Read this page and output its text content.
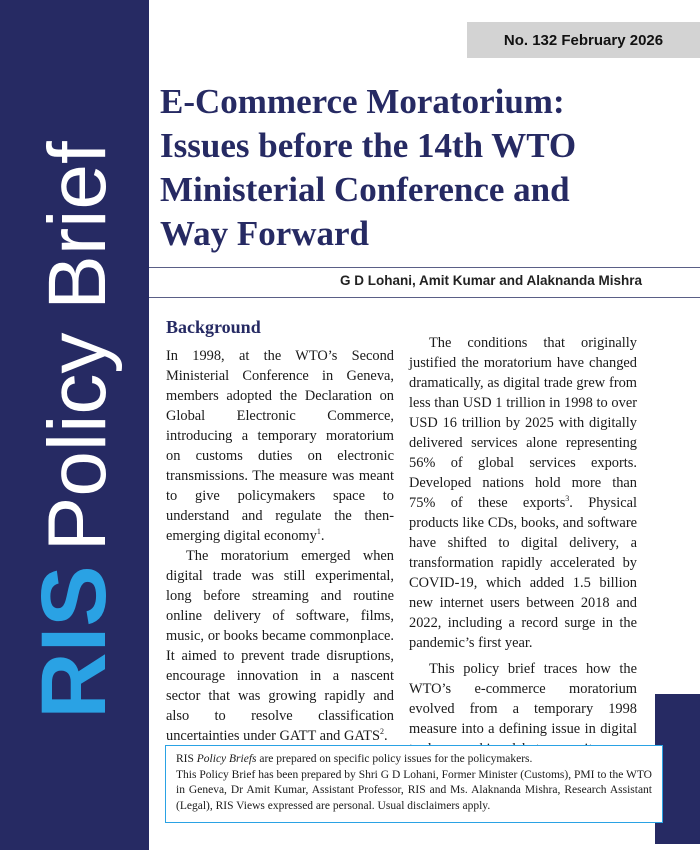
RISPolicy Brief
No. 132 February 2026
E-Commerce Moratorium:
Issues before the 14th WTO
Ministerial Conference and
Way Forward
G D Lohani, Amit Kumar and Alaknanda Mishra
Background

In 1998, at the WTO’s Second Ministerial Conference in Geneva, members adopted the Declaration on Global Electronic Commerce, introducing a temporary moratorium on customs duties on electronic transmissions. The measure was meant to give policymakers space to understand and regulate the then-emerging digital economy$^1$.

The moratorium emerged when digital trade was still experimental, long before streaming and routine online delivery of software, films, music, or books became commonplace. It aimed to prevent trade disruptions, encourage innovation in a nascent sector that was growing rapidly and also to resolve classification uncertainties under GATT and GATS$^2$.

The conditions that originally justified the moratorium have changed dramatically, as digital trade grew from less than USD 1 trillion in 1998 to over USD 16 trillion by 2025 with digitally delivered services alone representing 56% of global services exports. Developed nations hold more than 75% of these exports$^3$. Physical products like CDs, books, and software have shifted to digital delivery, a transformation rapidly accelerated by COVID-19, which added 1.5 billion new internet users between 2018 and 2022, including a record surge in the pandemic’s first year.

This policy brief traces how the WTO’s e-commerce moratorium evolved from a temporary 1998 measure into a defining issue in digital

RIS Policy Briefs are prepared on specific policy issues for the policymakers.

This Policy Brief has been prepared by Shri G D Lohani, Former Minister (Customs), PMI to the WTO in Geneva, Dr Amit Kumar, Assistant Professor, RIS and Ms. Alaknanda Mishra, Research Assistant (Legal), RIS Views expressed are personal. Usual disclaimers apply.
